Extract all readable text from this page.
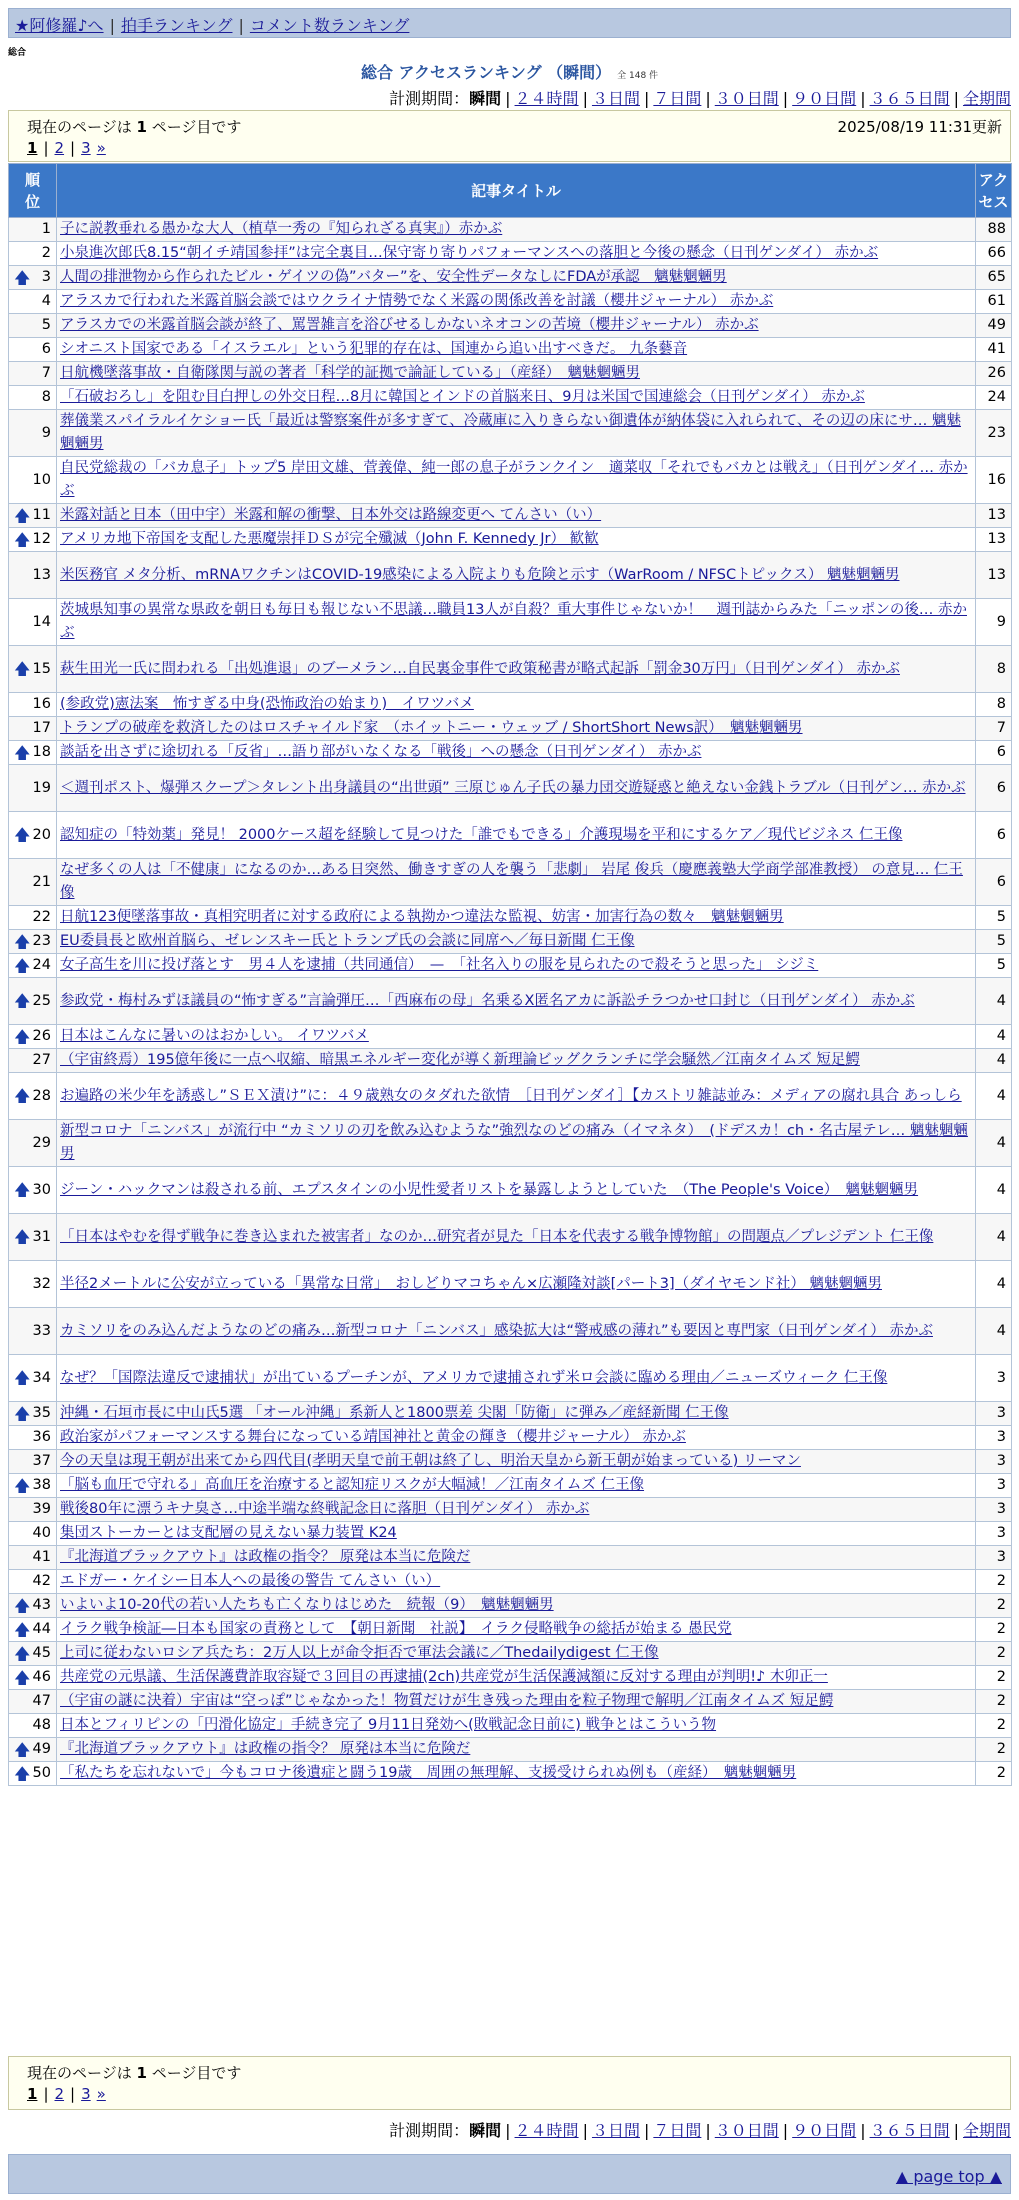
★阿修羅♪へ | 拍手ランキング | コメント数ランキング
総合
総合 アクセスランキング （瞬間） 全 148 件
計測期間：瞬間 | ２４時間 | ３日間 | ７日間 | ３０日間 | ９０日間 | ３６５日間 | 全期間
現在のページは 1 ページ目です	2025/08/19 11:31更新
1 | 2 | 3 »
順位	記事タイトル	アクセス
1	子に説教垂れる愚かな大人（植草一秀の『知られざる真実』）赤かぶ	88
2	小泉進次郎氏8.15“朝イチ靖国参拝”は完全裏目…保守寄り寄りパフォーマンスへの落胆と今後の懸念（日刊ゲンダイ） 赤かぶ	66

🡅 3	人間の排泄物から作られたビル・ゲイツの偽”バター”を、安全性データなしにFDAが承認　魑魅魍魎男	65
4	アラスカで行われた米露首脳会談ではウクライナ情勢でなく米露の関係改善を討議（櫻井ジャーナル） 赤かぶ	61
5	アラスカでの米露首脳会談が終了、罵詈雑言を浴びせるしかないネオコンの苦境（櫻井ジャーナル） 赤かぶ	49
6	シオニスト国家である「イスラエル」という犯罪的存在は、国連から追い出すべきだ。 九条藝音	41
7	日航機墜落事故・自衛隊関与説の著者「科学的証拠で論証している」（産経）　魑魅魍魎男	26
8	「石破おろし」を阻む目白押しの外交日程…8月に韓国とインドの首脳来日、9月は米国で国連総会（日刊ゲンダイ） 赤かぶ	24
9	葬儀業スパイラルイケショー氏「最近は警察案件が多すぎて、冷蔵庫に入りきらない御遺体が納体袋に入れられて、その辺の床にサ… 魑魅魍魎男	23
10	自民党総裁の「バカ息子」トップ5 岸田文雄、菅義偉、純一郎の息子がランクイン　適菜収「それでもバカとは戦え」（日刊ゲンダイ… 赤かぶ	16

🡅 11	米露対話と日本（田中宇）米露和解の衝撃、日本外交は路線変更へ てんさい（い）	13

🡅 12	アメリカ地下帝国を支配した悪魔崇拝ＤＳが完全殲滅（John F. Kennedy Jr） 歓歓	13
13	米医務官 メタ分析、mRNAワクチンはCOVID-19感染による入院よりも危険と示す（WarRoom / NFSCトピックス） 魑魅魍魎男	13
14	茨城県知事の異常な県政を朝日も毎日も報じない不思議…職員13人が自殺？重大事件じゃないか！　週刊誌からみた「ニッポンの後… 赤かぶ	9

🡅 15	萩生田光一氏に問われる「出処進退」のブーメラン…自民裏金事件で政策秘書が略式起訴「罰金30万円」（日刊ゲンダイ） 赤かぶ	8
16	(参政党)憲法案　怖すぎる中身(恐怖政治の始まり)　イワツバメ	8
17	トランプの破産を救済したのはロスチャイルド家　（ホイットニー・ウェッブ / ShortShort News訳）　魑魅魍魎男	7

🡅 18	談話を出さずに途切れる「反省」…語り部がいなくなる「戦後」への懸念（日刊ゲンダイ） 赤かぶ	6
19	＜週刊ポスト、爆弾スクープ＞タレント出身議員の“出世頭” 三原じゅん子氏の暴力団交遊疑惑と絶えない金銭トラブル（日刊ゲン… 赤かぶ	6

🡅 20	認知症の「特効薬」発見！ 2000ケース超を経験して見つけた「誰でもできる」介護現場を平和にするケア／現代ビジネス 仁王像	6
21	なぜ多くの人は「不健康」になるのか…ある日突然、働きすぎの人を襲う「悲劇」 岩尾 俊兵（慶應義塾大学商学部准教授） の意見… 仁王像	6
22	日航123便墜落事故・真相究明者に対する政府による執拗かつ違法な監視、妨害・加害行為の数々　魑魅魍魎男	5

🡅 23	EU委員長と欧州首脳ら、ゼレンスキー氏とトランプ氏の会談に同席へ／毎日新聞 仁王像	5

🡅 24	女子高生を川に投げ落とす　男４人を逮捕（共同通信）　—　「社名入りの服を見られたので殺そうと思った」 シジミ	5

🡅 25	参政党・梅村みずほ議員の“怖すぎる”言論弾圧…「西麻布の母」名乗るX匿名アカに訴訟チラつかせ口封じ（日刊ゲンダイ） 赤かぶ	4

🡅 26	日本はこんなに暑いのはおかしい。 イワツバメ	4
27	（宇宙終焉）195億年後に一点へ収縮、暗黒エネルギー変化が導く新理論ビッグクランチに学会騒然／江南タイムズ 短足鰐	4

🡅 28	お遍路の米少年を誘惑し”ＳＥＸ漬け”に：４９歳熟女のタダれた欲情　［日刊ゲンダイ］【カストリ雑誌並み：メディアの腐れ具合 あっしら	4
29	新型コロナ「ニンバス」が流行中 “カミソリの刃を飲み込むような”強烈なのどの痛み（イマネタ）　(ドデスカ！ch・名古屋テレ… 魑魅魍魎男	4

🡅 30	ジーン・ハックマンは殺される前、エプスタインの小児性愛者リストを暴露しようとしていた　（The People's Voice）　魑魅魍魎男	4

🡅 31	「日本はやむを得ず戦争に巻き込まれた被害者」なのか…研究者が見た「日本を代表する戦争博物館」の問題点／プレジデント 仁王像	4
32	半径2メートルに公安が立っている「異常な日常」　おしどりマコちゃん×広瀬隆対談[パート3]（ダイヤモンド社） 魑魅魍魎男	4
33	カミソリをのみ込んだようなのどの痛み…新型コロナ「ニンバス」感染拡大は“警戒感の薄れ”も要因と専門家（日刊ゲンダイ） 赤かぶ	4

🡅 34	なぜ？「国際法違反で逮捕状」が出ているプーチンが、アメリカで逮捕されず米ロ会談に臨める理由／ニューズウィーク 仁王像	3

🡅 35	沖縄・石垣市長に中山氏5選 「オール沖縄」系新人と1800票差 尖閣「防衛」に弾み／産経新聞 仁王像	3
36	政治家がパフォーマンスする舞台になっている靖国神社と黄金の輝き（櫻井ジャーナル） 赤かぶ	3
37	今の天皇は現王朝が出来てから四代目(孝明天皇で前王朝は終了し、明治天皇から新王朝が始まっている) リーマン	3

🡅 38	「脳も血圧で守れる」高血圧を治療すると認知症リスクが大幅減！／江南タイムズ 仁王像	3
39	戦後80年に漂うキナ臭さ…中途半端な終戦記念日に落胆（日刊ゲンダイ） 赤かぶ	3
40	集団ストーカーとは支配層の見えない暴力装置 K24	3
41	『北海道ブラックアウト』は政権の指令？ 原発は本当に危険だ	3
42	エドガー・ケイシー日本人への最後の警告 てんさい（い）	2

🡅 43	いよいよ10-20代の若い人たちも亡くなりはじめた　続報（9）　魑魅魍魎男	2

🡅 44	イラク戦争検証―日本も国家の責務として　【朝日新聞　社説】　イラク侵略戦争の総括が始まる 愚民党	2

🡅 45	上司に従わないロシア兵たち：2万人以上が命令拒否で軍法会議に／Thedailydigest 仁王像	2

🡅 46	共産党の元県議、生活保護費詐取容疑で３回目の再逮捕(2ch)共産党が生活保護減額に反対する理由が判明!♪ 木卯正一	2
47	（宇宙の謎に決着）宇宙は“空っぽ”じゃなかった！物質だけが生き残った理由を粒子物理で解明／江南タイムズ 短足鰐	2
48	日本とフィリピンの「円滑化協定」手続き完了 9月11日発効へ(敗戦記念日前に) 戦争とはこういう物	2

🡅 49	『北海道ブラックアウト』は政権の指令？ 原発は本当に危険だ	2

🡅 50	「私たちを忘れないで」今もコロナ後遺症と闘う19歳　周囲の無理解、支援受けられぬ例も（産経）　魑魅魍魎男	2
現在のページは 1 ページ目です
1 | 2 | 3 »
計測期間：瞬間 | ２４時間 | ３日間 | ７日間 | ３０日間 | ９０日間 | ３６５日間 | 全期間
▲ page top ▲
